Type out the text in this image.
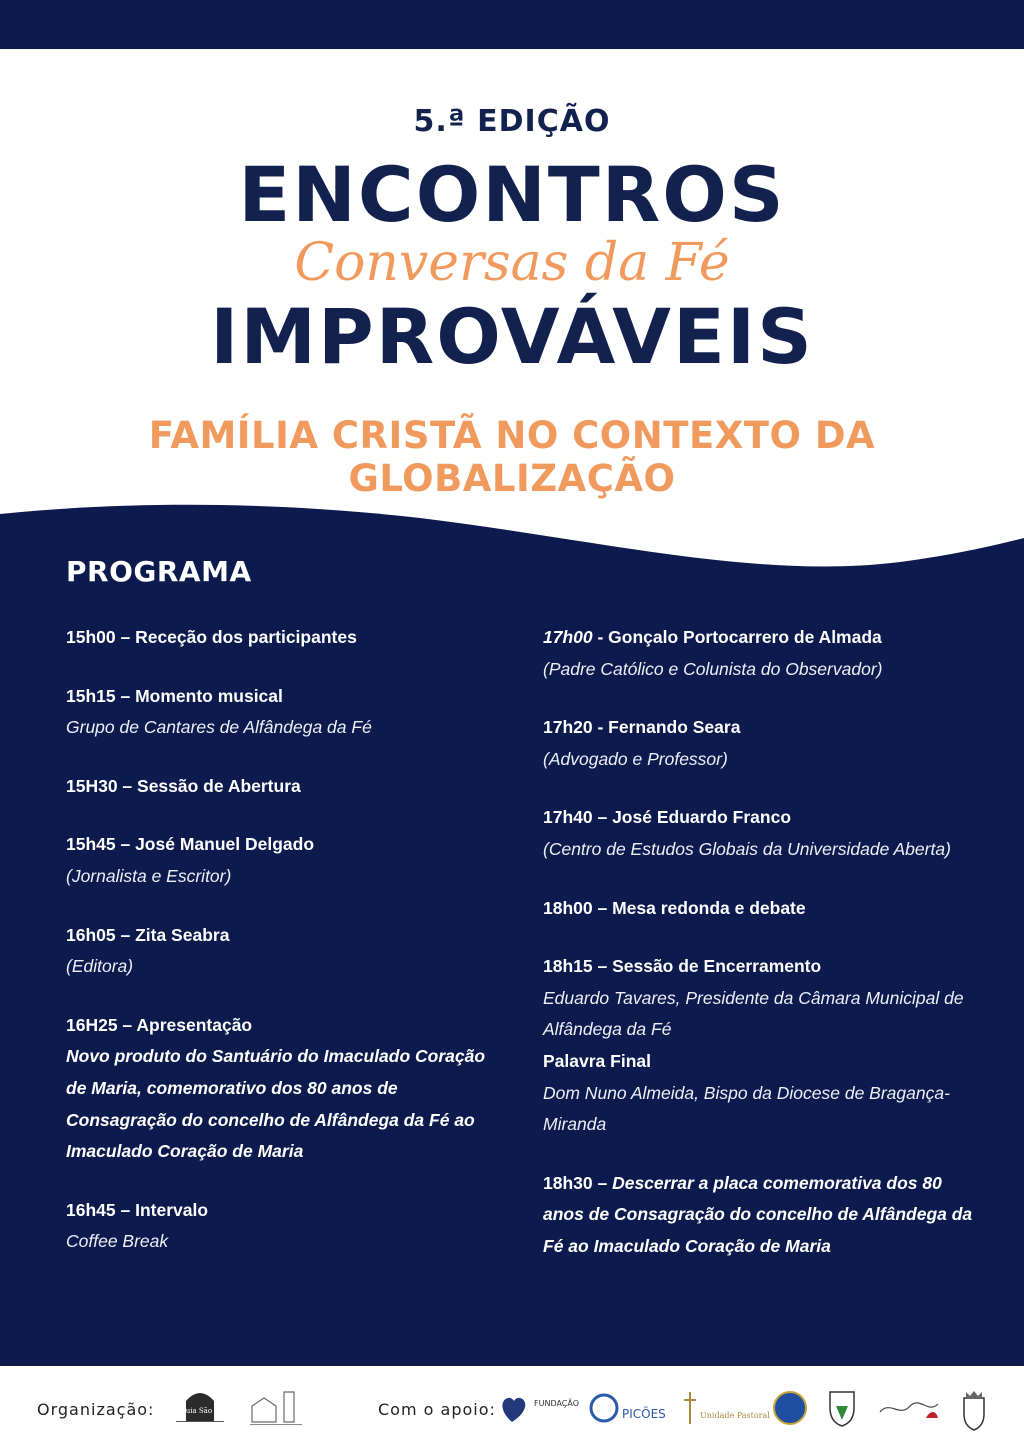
5.ª EDIÇÃO
ENCONTROS
Conversas da Fé
IMPROVÁVEIS
FAMÍLIA CRISTÃ NO CONTEXTO DA GLOBALIZAÇÃO
PROGRAMA
15h00 – Receção dos participantes
15h15 – Momento musical
Grupo de Cantares de Alfândega da Fé
15H30 – Sessão de Abertura
15h45 – José Manuel Delgado
(Jornalista e Escritor)
16h05 – Zita Seabra
(Editora)
16H25 – Apresentação
Novo produto do Santuário do Imaculado Coração de Maria, comemorativo dos 80 anos de Consagração do concelho de Alfândega da Fé ao Imaculado Coração de Maria
16h45 – Intervalo
Coffee Break
17h00 - Gonçalo Portocarrero de Almada
(Padre Católico e Colunista do Observador)
17h20 - Fernando Seara
(Advogado e Professor)
17h40 – José Eduardo Franco
(Centro de Estudos Globais da Universidade Aberta)
18h00 – Mesa redonda e debate
18h15 – Sessão de Encerramento
Eduardo Tavares, Presidente da Câmara Municipal de Alfândega da Fé
Palavra Final
Dom Nuno Almeida, Bispo da Diocese de Bragança-Miranda
18h30 – Descerrar a placa comemorativa dos 80 anos de Consagração do concelho de Alfândega da Fé ao Imaculado Coração de Maria
Organização:	Com o apoio:
Paróquia São Pedro
FUNDAÇÃO
PICÕES	Unidade Pastoral
